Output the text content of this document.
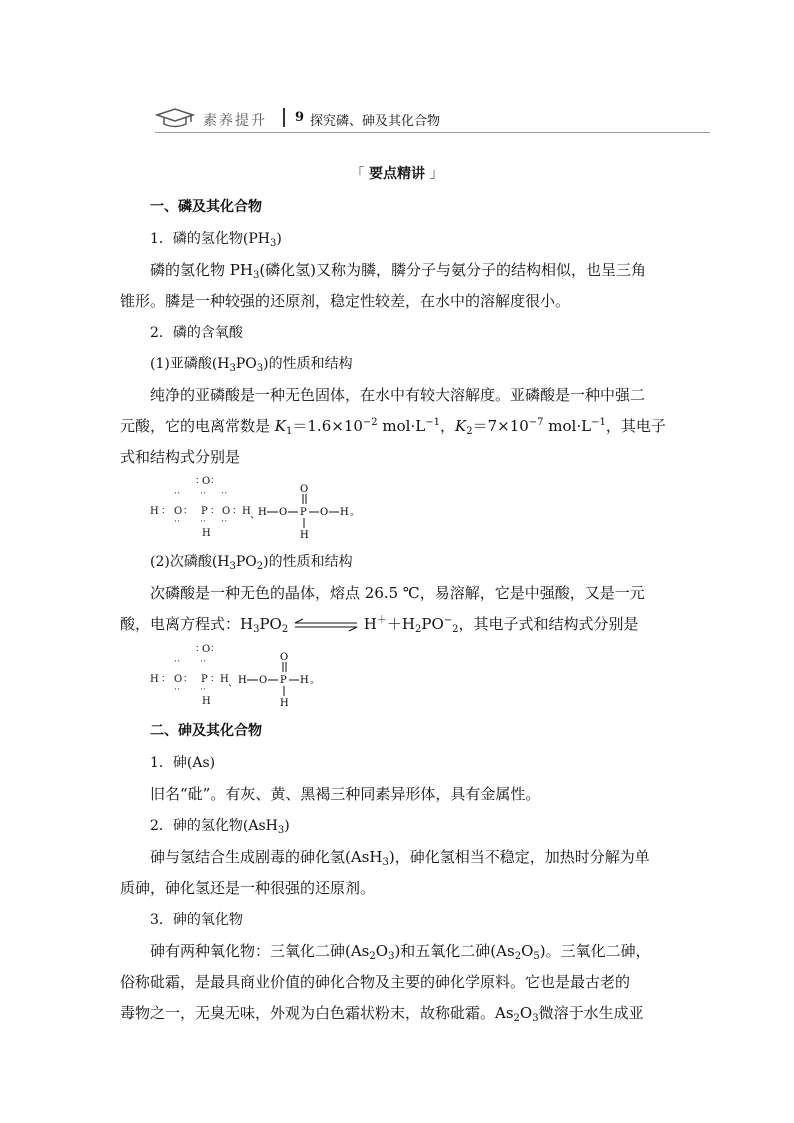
素养提升 9 探究磷、砷及其化合物
「 要点精讲 」
一、磷及其化合物
1．磷的氢化物$(PH_3)$
磷的氢化物 $PH_3$(磷化氢)又称为膦，膦分子与氨分子的结构相似，也呈三角
锥形。膦是一种较强的还原剂，稳定性较差，在水中的溶解度很小。
2．磷的含氧酸
(1)亚磷酸$(H_3PO_3)$的性质和结构
纯净的亚磷酸是一种无色固体，在水中有较大溶解度。亚磷酸是一种中强二
元酸，它的电离常数是 $K_1=1.6\times 10^{-2}$ $mol\cdot L^{-1}$，$K_2=7\times 10^{-7}$ $mol\cdot L^{-1}$，其电子
式和结构式分别是
∶ O ∶
⋅⋅ ⋅⋅ ⋅⋅
H ∶ O ∶ P ∶ O ∶ H 、
⋅⋅ ⋅⋅ ⋅⋅
H
H O P O H 。
O
H
(2)次磷酸$(H_3PO_2)$的性质和结构
次磷酸是一种无色的晶体，熔点 26.5 ℃，易溶解，它是中强酸，又是一元
酸，电离方程式：$H_3PO_2$	$H^++H_2PO^-_2$，其电子式和结构式分别是
∶ O ∶
⋅⋅ ⋅⋅
H ∶ O ∶ P ∶ H 、
⋅⋅ ⋅⋅
H
H O P H 。
O
H
二、砷及其化合物
1．砷(As)
旧名“砒”。有灰、黄、黑褐三种同素异形体，具有金属性。
2．砷的氢化物(AsH$_3$)
砷与氢结合生成剧毒的砷化氢(AsH$_3$)，砷化氢相当不稳定，加热时分解为单
质砷，砷化氢还是一种很强的还原剂。
3．砷的氧化物
砷有两种氧化物：三氧化二砷$(As_2O_3)$和五氧化二砷$(As_2O_5)$。三氧化二砷，
俗称砒霜，是最具商业价值的砷化合物及主要的砷化学原料。它也是最古老的
毒物之一，无臭无味，外观为白色霜状粉末，故称砒霜。$As_2O_3$微溶于水生成亚
